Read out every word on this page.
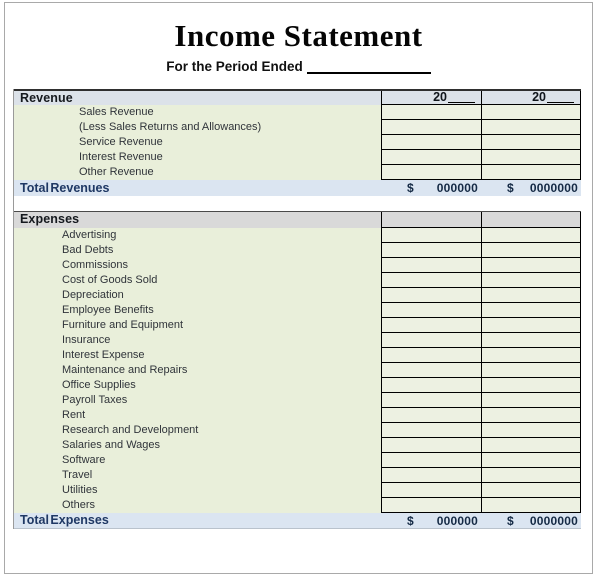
Income Statement
For the Period Ended
Revenue	20	20
Sales Revenue
(Less Sales Returns and Allowances)
Service Revenue
Interest Revenue
Other Revenue
Total Revenues	$ 000000 $ 0000000
Expenses
Advertising
Bad Debts
Commissions
Cost of Goods Sold
Depreciation
Employee Benefits
Furniture and Equipment
Insurance
Interest Expense
Maintenance and Repairs
Office Supplies
Payroll Taxes
Rent
Research and Development
Salaries and Wages
Software
Travel
Utilities
Others
Total Expenses	$ 000000 $ 0000000
